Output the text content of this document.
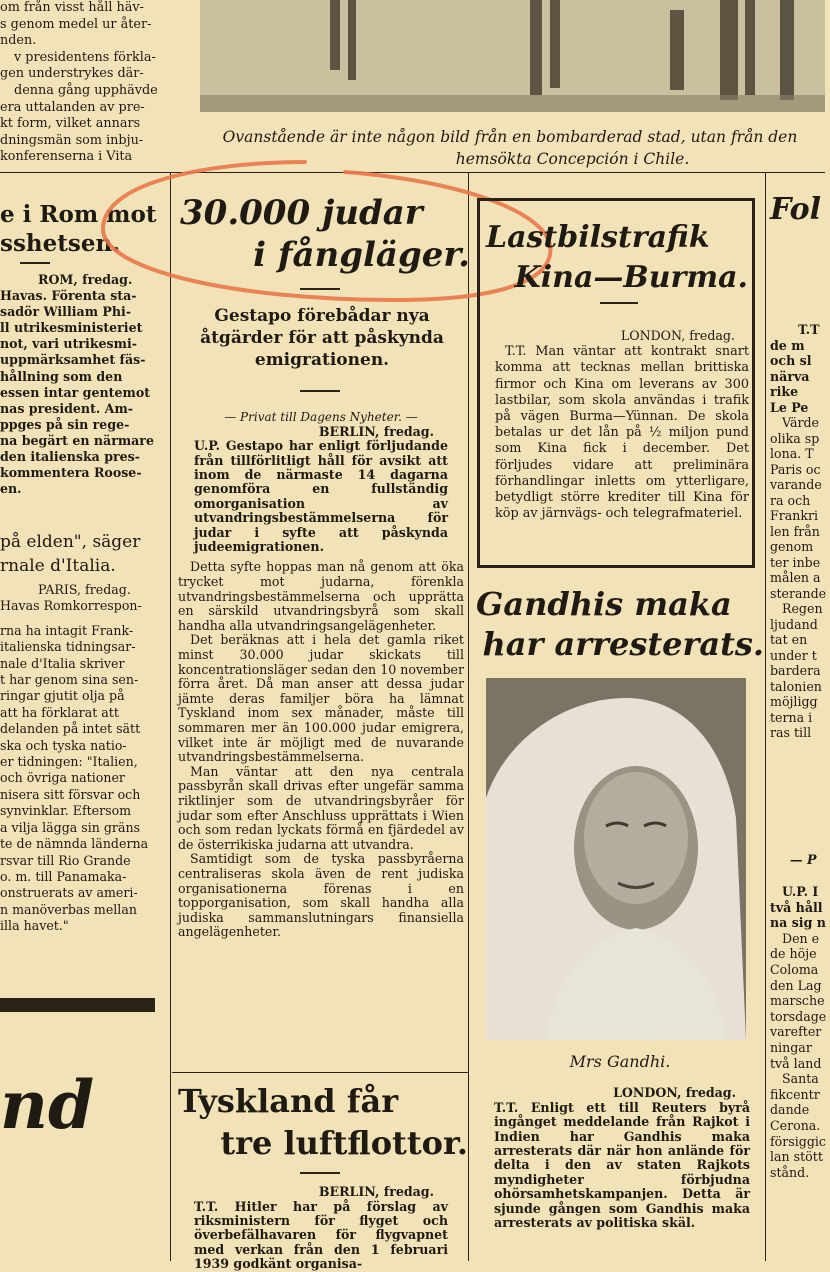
Ovanstående är inte någon bild från en bombarderad stad, utan från den
hemsökta Concepción i Chile.
om från visst håll häv-
s genom medel ur åter-
nden.
v presidentens förkla-
gen understrykes där-
denna gång upphävde
era uttalanden av pre-
kt form, vilket annars
dningsmän som inbju-
konferenserna i Vita
e i Rom mot
sshetsen.
ROM, fredag.
Havas. Förenta sta-
sadör William Phi-
ll utrikesministeriet
not, vari utrikesmi-
uppmärksamhet fäs-
hållning som den
essen intar gentemot
nas president. Am-
ppges på sin rege-
na begärt en närmare
den italienska pres-
kommentera Roose-
en.
på elden", säger
rnale d'Italia.
PARIS, fredag.
Havas Romkorrespon-
rna ha intagit Frank-
italienska tidningsar-
nale d'Italia skriver
t har genom sina sen-
ringar gjutit olja på
att ha förklarat att
delanden på intet sätt
ska och tyska natio-
er tidningen: "Italien,
och övriga nationer
nisera sitt försvar och
synvinklar. Eftersom
a vilja lägga sin gräns
te de nämnda länderna
rsvar till Rio Grande
o. m. till Panamaka-
onstruerats av ameri-
n manöverbas mellan
illa havet."
nd
30.000 judar
i fångläger.
Gestapo förebådar nya åtgärder för att påskynda emigrationen.
— Privat till Dagens Nyheter. —
BERLIN, fredag.

U.P. Gestapo har enligt förljudande från tillförlitligt håll för avsikt att inom de närmaste 14 dagarna genomföra en fullständig omorganisation av utvandringsbestämmelserna för judar i syfte att påskynda judeemigrationen.

Detta syfte hoppas man nå genom att öka trycket mot judarna, förenkla utvandringsbestämmelserna och upprätta en särskild utvandringsbyrå som skall handha alla utvandringsangelägenheter.

Det beräknas att i hela det gamla riket minst 30.000 judar skickats till koncentrationsläger sedan den 10 november förra året. Då man anser att dessa judar jämte deras familjer böra ha lämnat Tyskland inom sex månader, måste till sommaren mer än 100.000 judar emigrera, vilket inte är möjligt med de nuvarande utvandringsbestämmelserna.

Man väntar att den nya centrala passbyrån skall drivas efter ungefär samma riktlinjer som de utvandringsbyråer för judar som efter Anschluss upprättats i Wien och som redan lyckats förmå en fjärdedel av de österrikiska judarna att utvandra.

Samtidigt som de tyska passbyråerna centraliseras skola även de rent judiska organisationerna förenas i en topporganisation, som skall handha alla judiska sammanslutningars finansiella angelägenheter.

Tyskland får
tre luftflottor.
BERLIN, fredag.

T.T. Hitler har på förslag av riksministern för flyget och överbefälhavaren för flygvapnet med verkan från den 1 februari 1939 godkänt organisa-

Lastbilstrafik
Kina—Burma.
LONDON, fredag.

T.T. Man väntar att kontrakt snart komma att tecknas mellan brittiska firmor och Kina om leverans av 300 lastbilar, som skola användas i trafik på vägen Burma—Yünnan. De skola betalas ur det lån på ½ miljon pund som Kina fick i december. Det förljudes vidare att preliminära förhandlingar inletts om ytterligare, betydligt större krediter till Kina för köp av järnvägs- och telegrafmateriel.

Gandhis maka
har arresterats.
Mrs Gandhi.
LONDON, fredag.

T.T. Enligt ett till Reuters byrå ingånget meddelande från Rajkot i Indien har Gandhis maka arresterats där när hon anlände för delta i den av staten Rajkots myndigheter förbjudna ohörsamhetskampanjen. Detta är sjunde gången som Gandhis maka arresterats av politiska skäl.

Fol
T.T
de m
och sl
närva
rike
Le Pe
Värde
olika sp
lona. T
Paris oc
varande
ra och
Frankri
len från
genom
ter inbe
målen a
sterande
Regen
ljudand
tat en
under t
bardera
talonien
möjligg
terna i
ras till
— P
U.P. I
två håll
na sig n
Den e
de höje
Coloma
den Lag
marsche
torsdage
varefter
ningar
två land
Santa
fikcentr
dande
Cerona.
försiggic
lan stött
stånd.
